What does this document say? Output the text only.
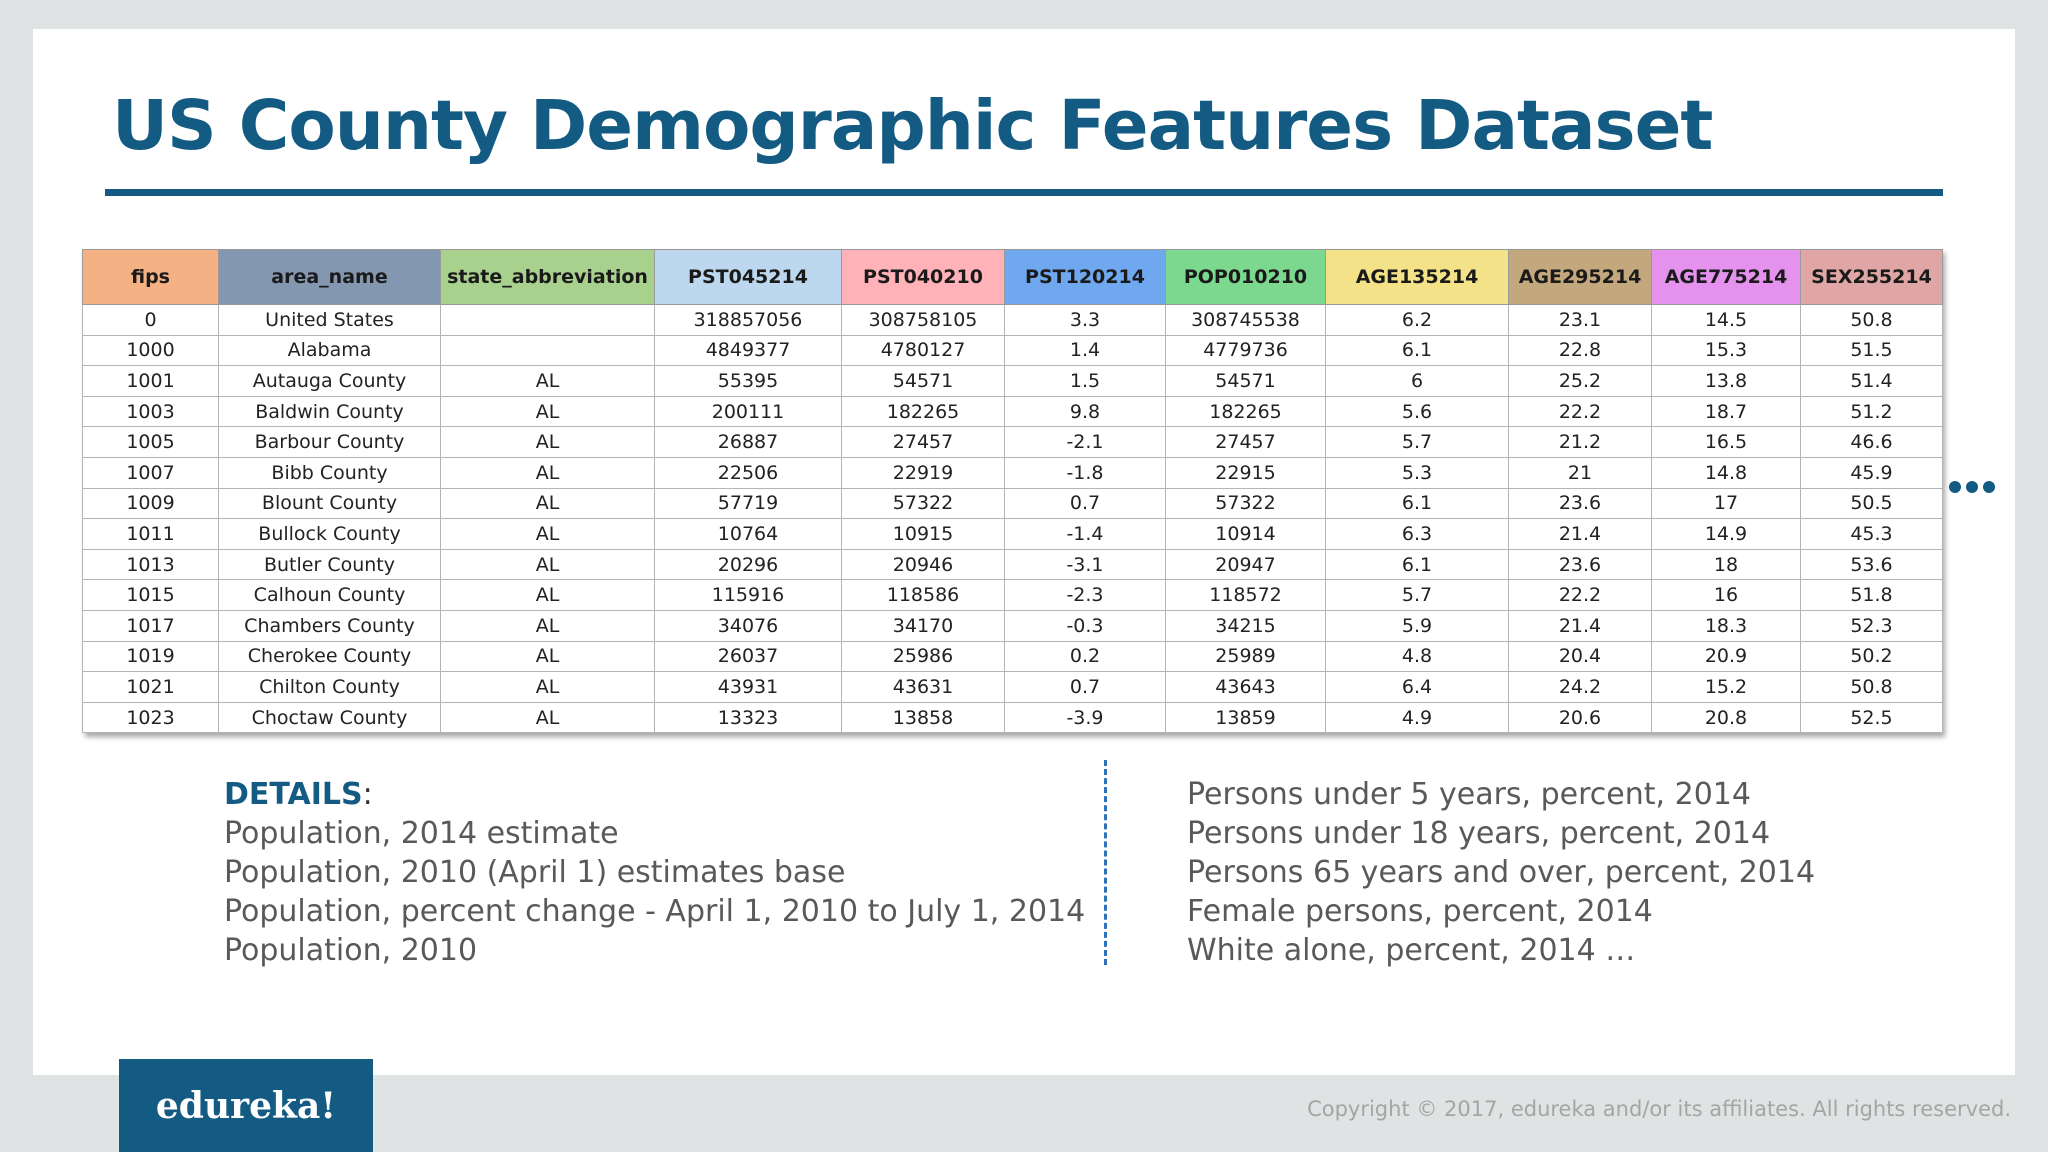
US County Demographic Features Dataset
fips	area_name	state_abbreviation	PST045214	PST040210	PST120214	POP010210	AGE135214	AGE295214	AGE775214	SEX255214
0	United States		318857056	308758105	3.3	308745538	6.2	23.1	14.5	50.8
1000	Alabama		4849377	4780127	1.4	4779736	6.1	22.8	15.3	51.5
1001	Autauga County	AL	55395	54571	1.5	54571	6	25.2	13.8	51.4
1003	Baldwin County	AL	200111	182265	9.8	182265	5.6	22.2	18.7	51.2
1005	Barbour County	AL	26887	27457	-2.1	27457	5.7	21.2	16.5	46.6
1007	Bibb County	AL	22506	22919	-1.8	22915	5.3	21	14.8	45.9
1009	Blount County	AL	57719	57322	0.7	57322	6.1	23.6	17	50.5
1011	Bullock County	AL	10764	10915	-1.4	10914	6.3	21.4	14.9	45.3
1013	Butler County	AL	20296	20946	-3.1	20947	6.1	23.6	18	53.6
1015	Calhoun County	AL	115916	118586	-2.3	118572	5.7	22.2	16	51.8
1017	Chambers County	AL	34076	34170	-0.3	34215	5.9	21.4	18.3	52.3
1019	Cherokee County	AL	26037	25986	0.2	25989	4.8	20.4	20.9	50.2
1021	Chilton County	AL	43931	43631	0.7	43643	6.4	24.2	15.2	50.8
1023	Choctaw County	AL	13323	13858	-3.9	13859	4.9	20.6	20.8	52.5
DETAILS:
Population, 2014 estimate
Population, 2010 (April 1) estimates base
Population, percent change - April 1, 2010 to July 1, 2014
Population, 2010
Persons under 5 years, percent, 2014
Persons under 18 years, percent, 2014
Persons 65 years and over, percent, 2014
Female persons, percent, 2014
White alone, percent, 2014 …
edureka!	Copyright © 2017, edureka and/or its affiliates. All rights reserved.
